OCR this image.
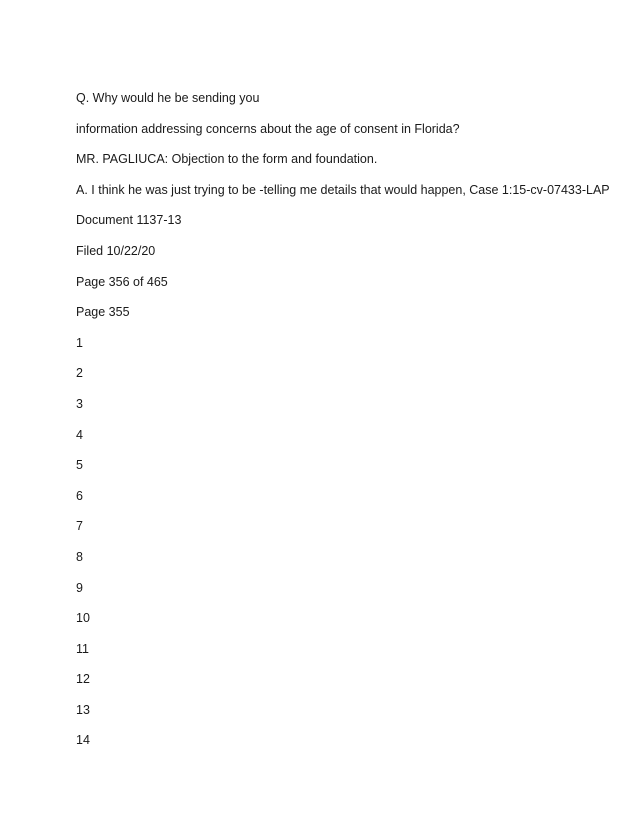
Q. Why would he be sending you

information addressing concerns about the age of consent in Florida?

MR. PAGLIUCA: Objection to the form and foundation.

A. I think he was just trying to be -telling me details that would happen, Case 1:15-cv-07433-LAP

Document 1137-13

Filed 10/22/20

Page 356 of 465

Page 355

1

2

3

4

5

6

7

8

9

10

11

12

13

14
